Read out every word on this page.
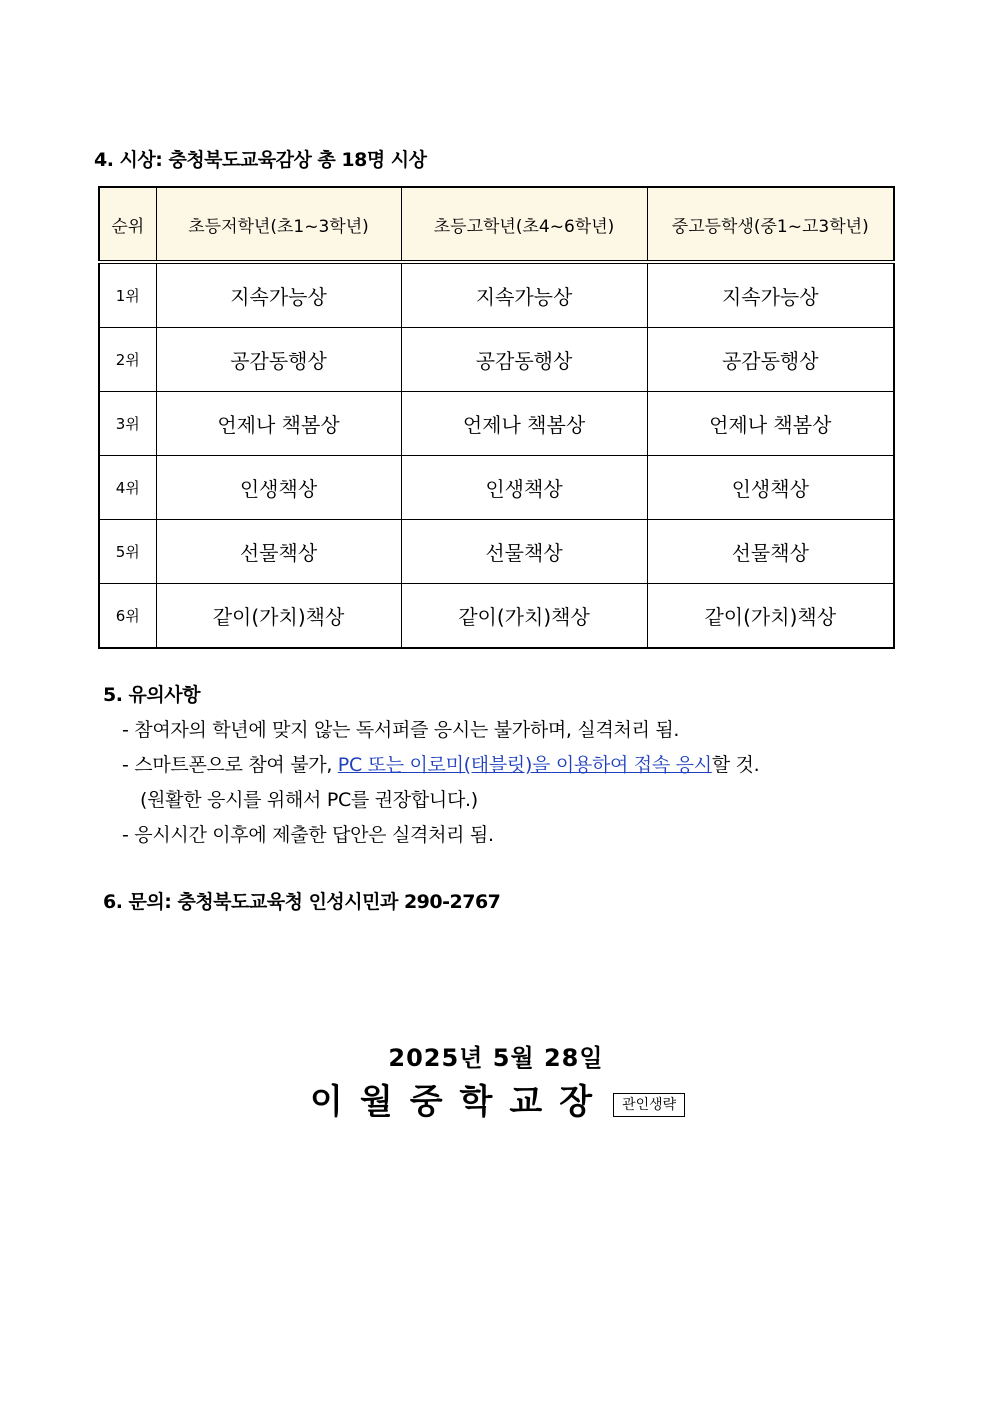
4. 시상: 충청북도교육감상 총 18명 시상
순위	초등저학년(초1~3학년)	초등고학년(초4~6학년)	중고등학생(중1~고3학년)
1위	지속가능상	지속가능상	지속가능상
2위	공감동행상	공감동행상	공감동행상
3위	언제나 책봄상	언제나 책봄상	언제나 책봄상
4위	인생책상	인생책상	인생책상
5위	선물책상	선물책상	선물책상
6위	같이(가치)책상	같이(가치)책상	같이(가치)책상
5. 유의사항
- 참여자의 학년에 맞지 않는 독서퍼즐 응시는 불가하며, 실격처리 됨.
- 스마트폰으로 참여 불가, PC 또는 이로미(태블릿)을 이용하여 접속 응시할 것.
(원활한 응시를 위해서 PC를 권장합니다.)
- 응시시간 이후에 제출한 답안은 실격처리 됨.
6. 문의: 충청북도교육청 인성시민과 290-2767
2025년 5월 28일
이월중학교장 관인생략
